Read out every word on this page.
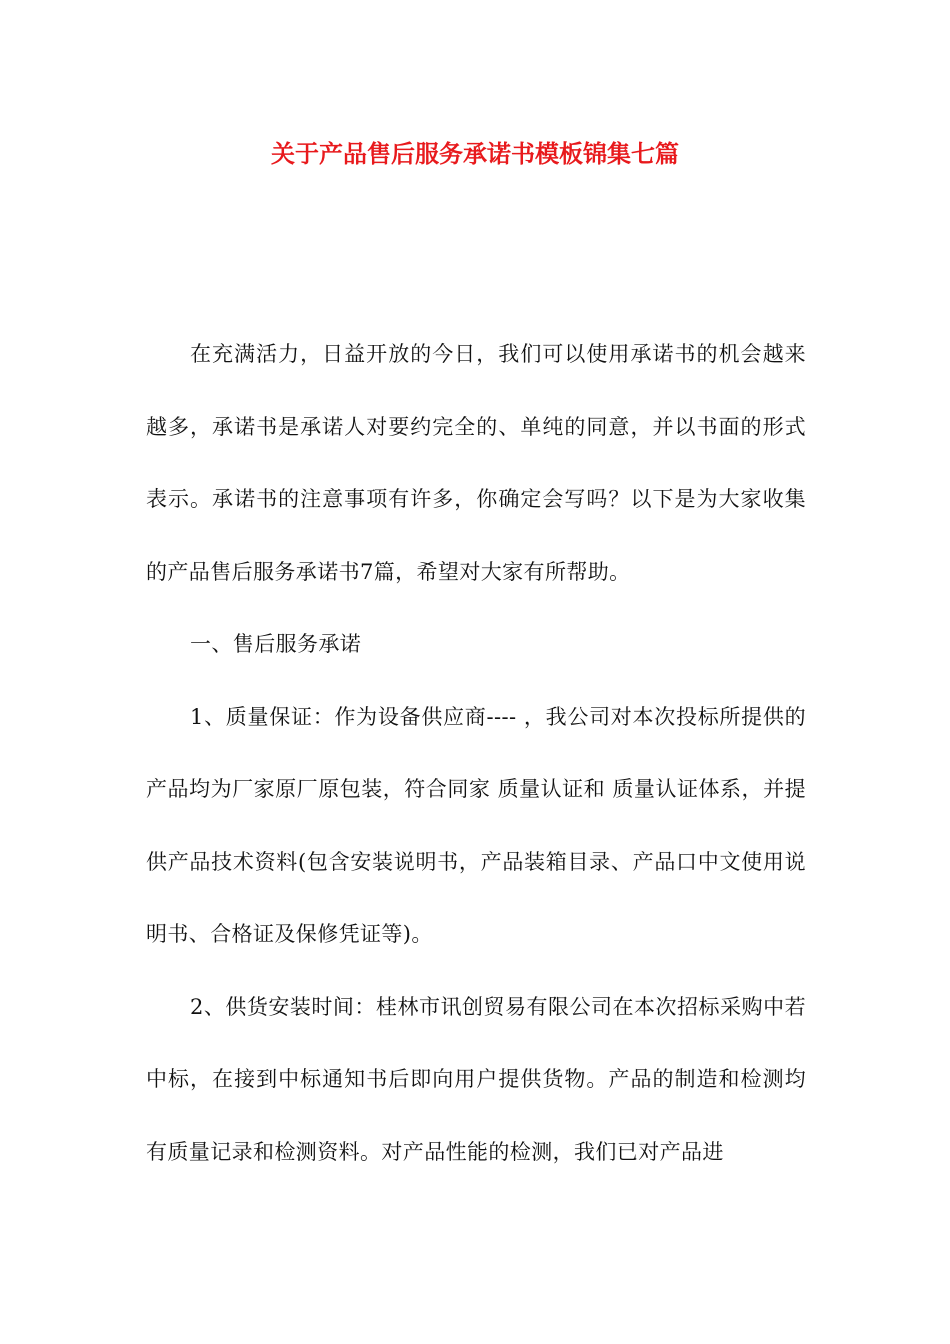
关于产品售后服务承诺书模板锦集七篇

在充满活力，日益开放的今日，我们可以使用承诺书的机会越来越多，承诺书是承诺人对要约完全的、单纯的同意，并以书面的形式表示。承诺书的注意事项有许多，你确定会写吗？以下是为大家收集的产品售后服务承诺书7篇，希望对大家有所帮助。

一、售后服务承诺

1、质量保证：作为设备供应商---- ，我公司对本次投标所提供的产品均为厂家原厂原包装，符合同家 质量认证和 质量认证体系，并提供产品技术资料(包含安装说明书，产品装箱目录、产品口中文使用说明书、合格证及保修凭证等)。

2、供货安装时间：桂林市讯创贸易有限公司在本次招标采购中若中标，在接到中标通知书后即向用户提供货物。产品的制造和检测均有质量记录和检测资料。对产品性能的检测，我们已对产品进
